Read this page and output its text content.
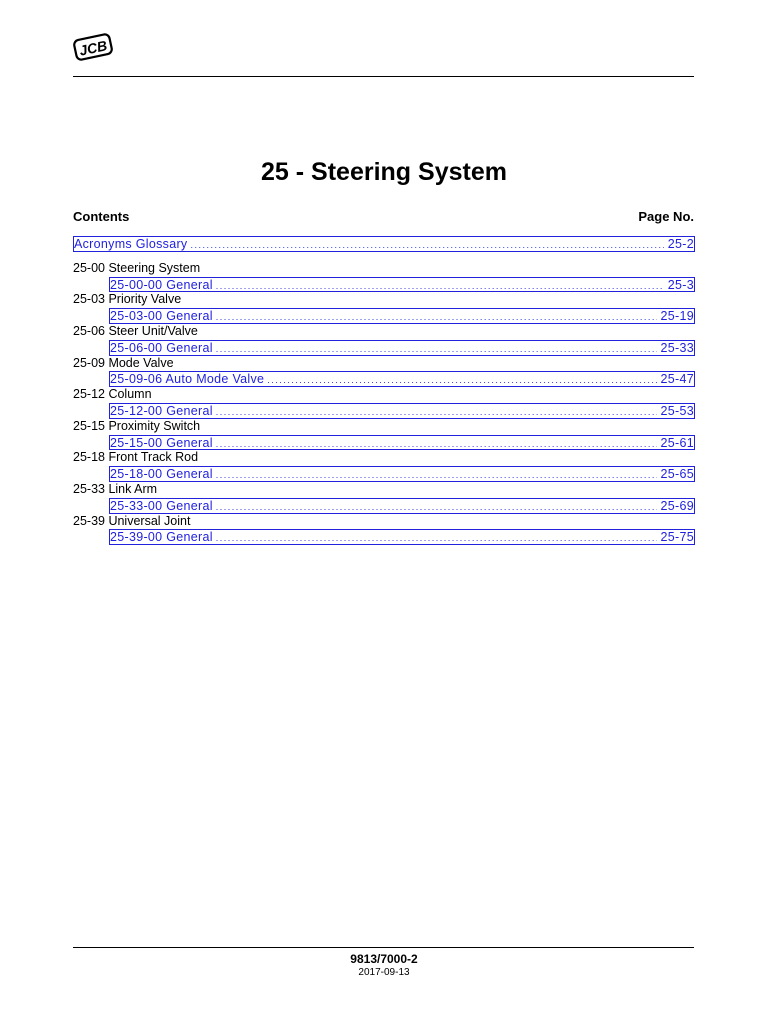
JCB
25 - Steering System
Contents	Page No.
Acronyms Glossary .....	25-2
25-00 Steering System
25-00-00 General .....	25-3
25-03 Priority Valve
25-03-00 General .....	25-19
25-06 Steer Unit/Valve
25-06-00 General .....	25-33
25-09 Mode Valve
25-09-06 Auto Mode Valve .....	25-47
25-12 Column
25-12-00 General .....	25-53
25-15 Proximity Switch
25-15-00 General .....	25-61
25-18 Front Track Rod
25-18-00 General .....	25-65
25-33 Link Arm
25-33-00 General .....	25-69
25-39 Universal Joint
25-39-00 General .....	25-75
9813/7000-2
2017-09-13
